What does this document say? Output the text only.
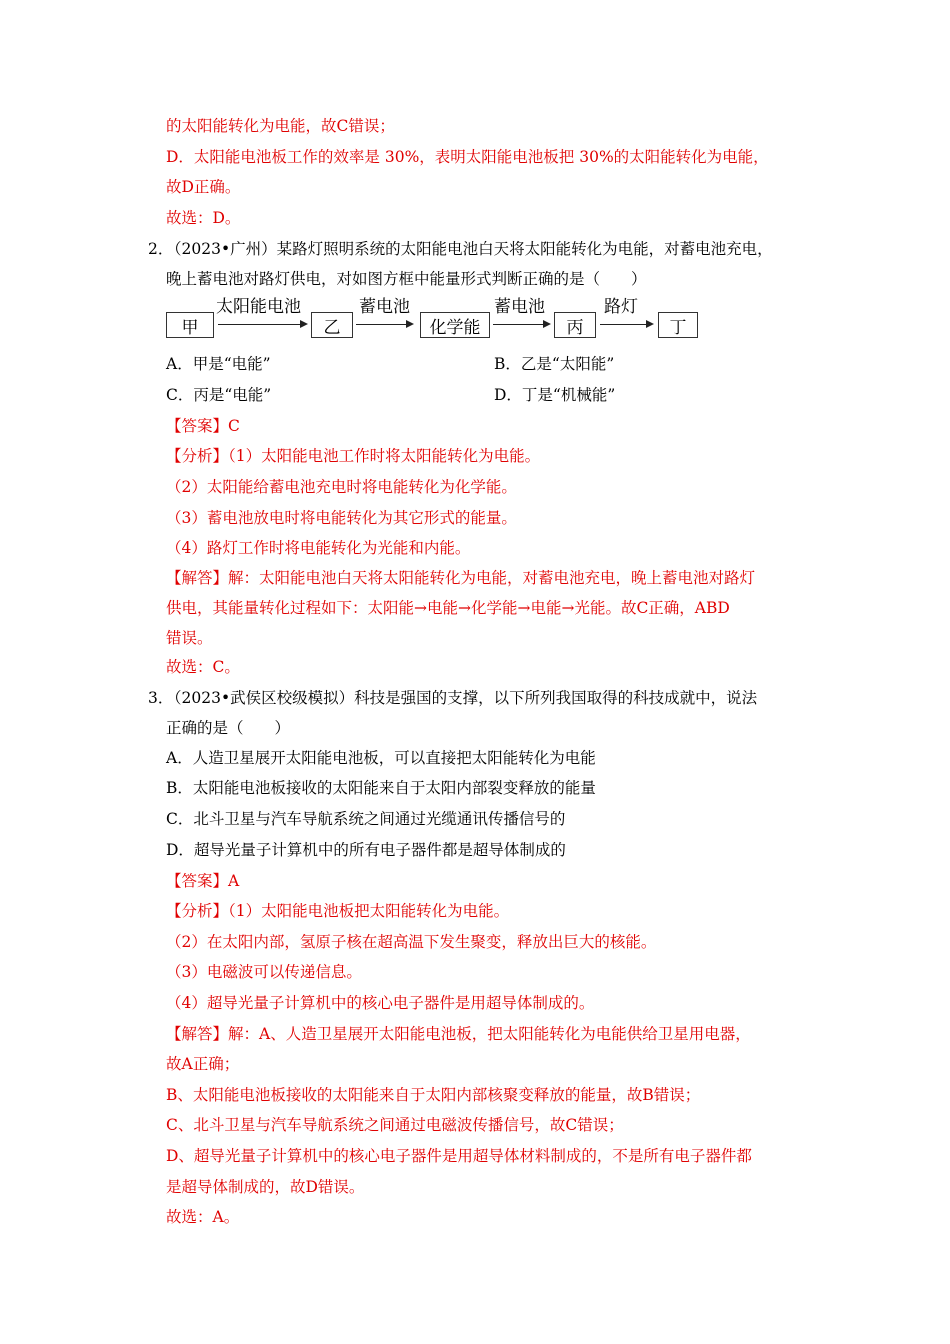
的太阳能转化为电能，故C错误；
D．太阳能电池板工作的效率是 30%，表明太阳能电池板把 30%的太阳能转化为电能，
故D正确。
故选：D。
2．
（2023•广州）某路灯照明系统的太阳能电池白天将太阳能转化为电能，对蓄电池充电，
晚上蓄电池对路灯供电，对如图方框中能量形式判断正确的是（　　）
甲
太阳能电池
乙
蓄电池
化学能
蓄电池
丙
路灯
丁
A．甲是“电能”	B．乙是“太阳能”
C．丙是“电能”	D．丁是“机械能”
【答案】C
【分析】（1）太阳能电池工作时将太阳能转化为电能。
（2）太阳能给蓄电池充电时将电能转化为化学能。
（3）蓄电池放电时将电能转化为其它形式的能量。
（4）路灯工作时将电能转化为光能和内能。
【解答】解：太阳能电池白天将太阳能转化为电能，对蓄电池充电，晚上蓄电池对路灯
供电，其能量转化过程如下：太阳能→电能→化学能→电能→光能。故C正确，ABD
错误。
故选：C。
3．
（2023•武侯区校级模拟）科技是强国的支撑，以下所列我国取得的科技成就中，说法
正确的是（　　）
A．人造卫星展开太阳能电池板，可以直接把太阳能转化为电能
B．太阳能电池板接收的太阳能来自于太阳内部裂变释放的能量
C．北斗卫星与汽车导航系统之间通过光缆通讯传播信号的
D．超导光量子计算机中的所有电子器件都是超导体制成的
【答案】A
【分析】（1）太阳能电池板把太阳能转化为电能。
（2）在太阳内部，氢原子核在超高温下发生聚变，释放出巨大的核能。
（3）电磁波可以传递信息。
（4）超导光量子计算机中的核心电子器件是用超导体制成的。
【解答】解：A、人造卫星展开太阳能电池板，把太阳能转化为电能供给卫星用电器，
故A正确；
B、太阳能电池板接收的太阳能来自于太阳内部核聚变释放的能量，故B错误；
C、北斗卫星与汽车导航系统之间通过电磁波传播信号，故C错误；
D、超导光量子计算机中的核心电子器件是用超导体材料制成的，不是所有电子器件都
是超导体制成的，故D错误。
故选：A。
